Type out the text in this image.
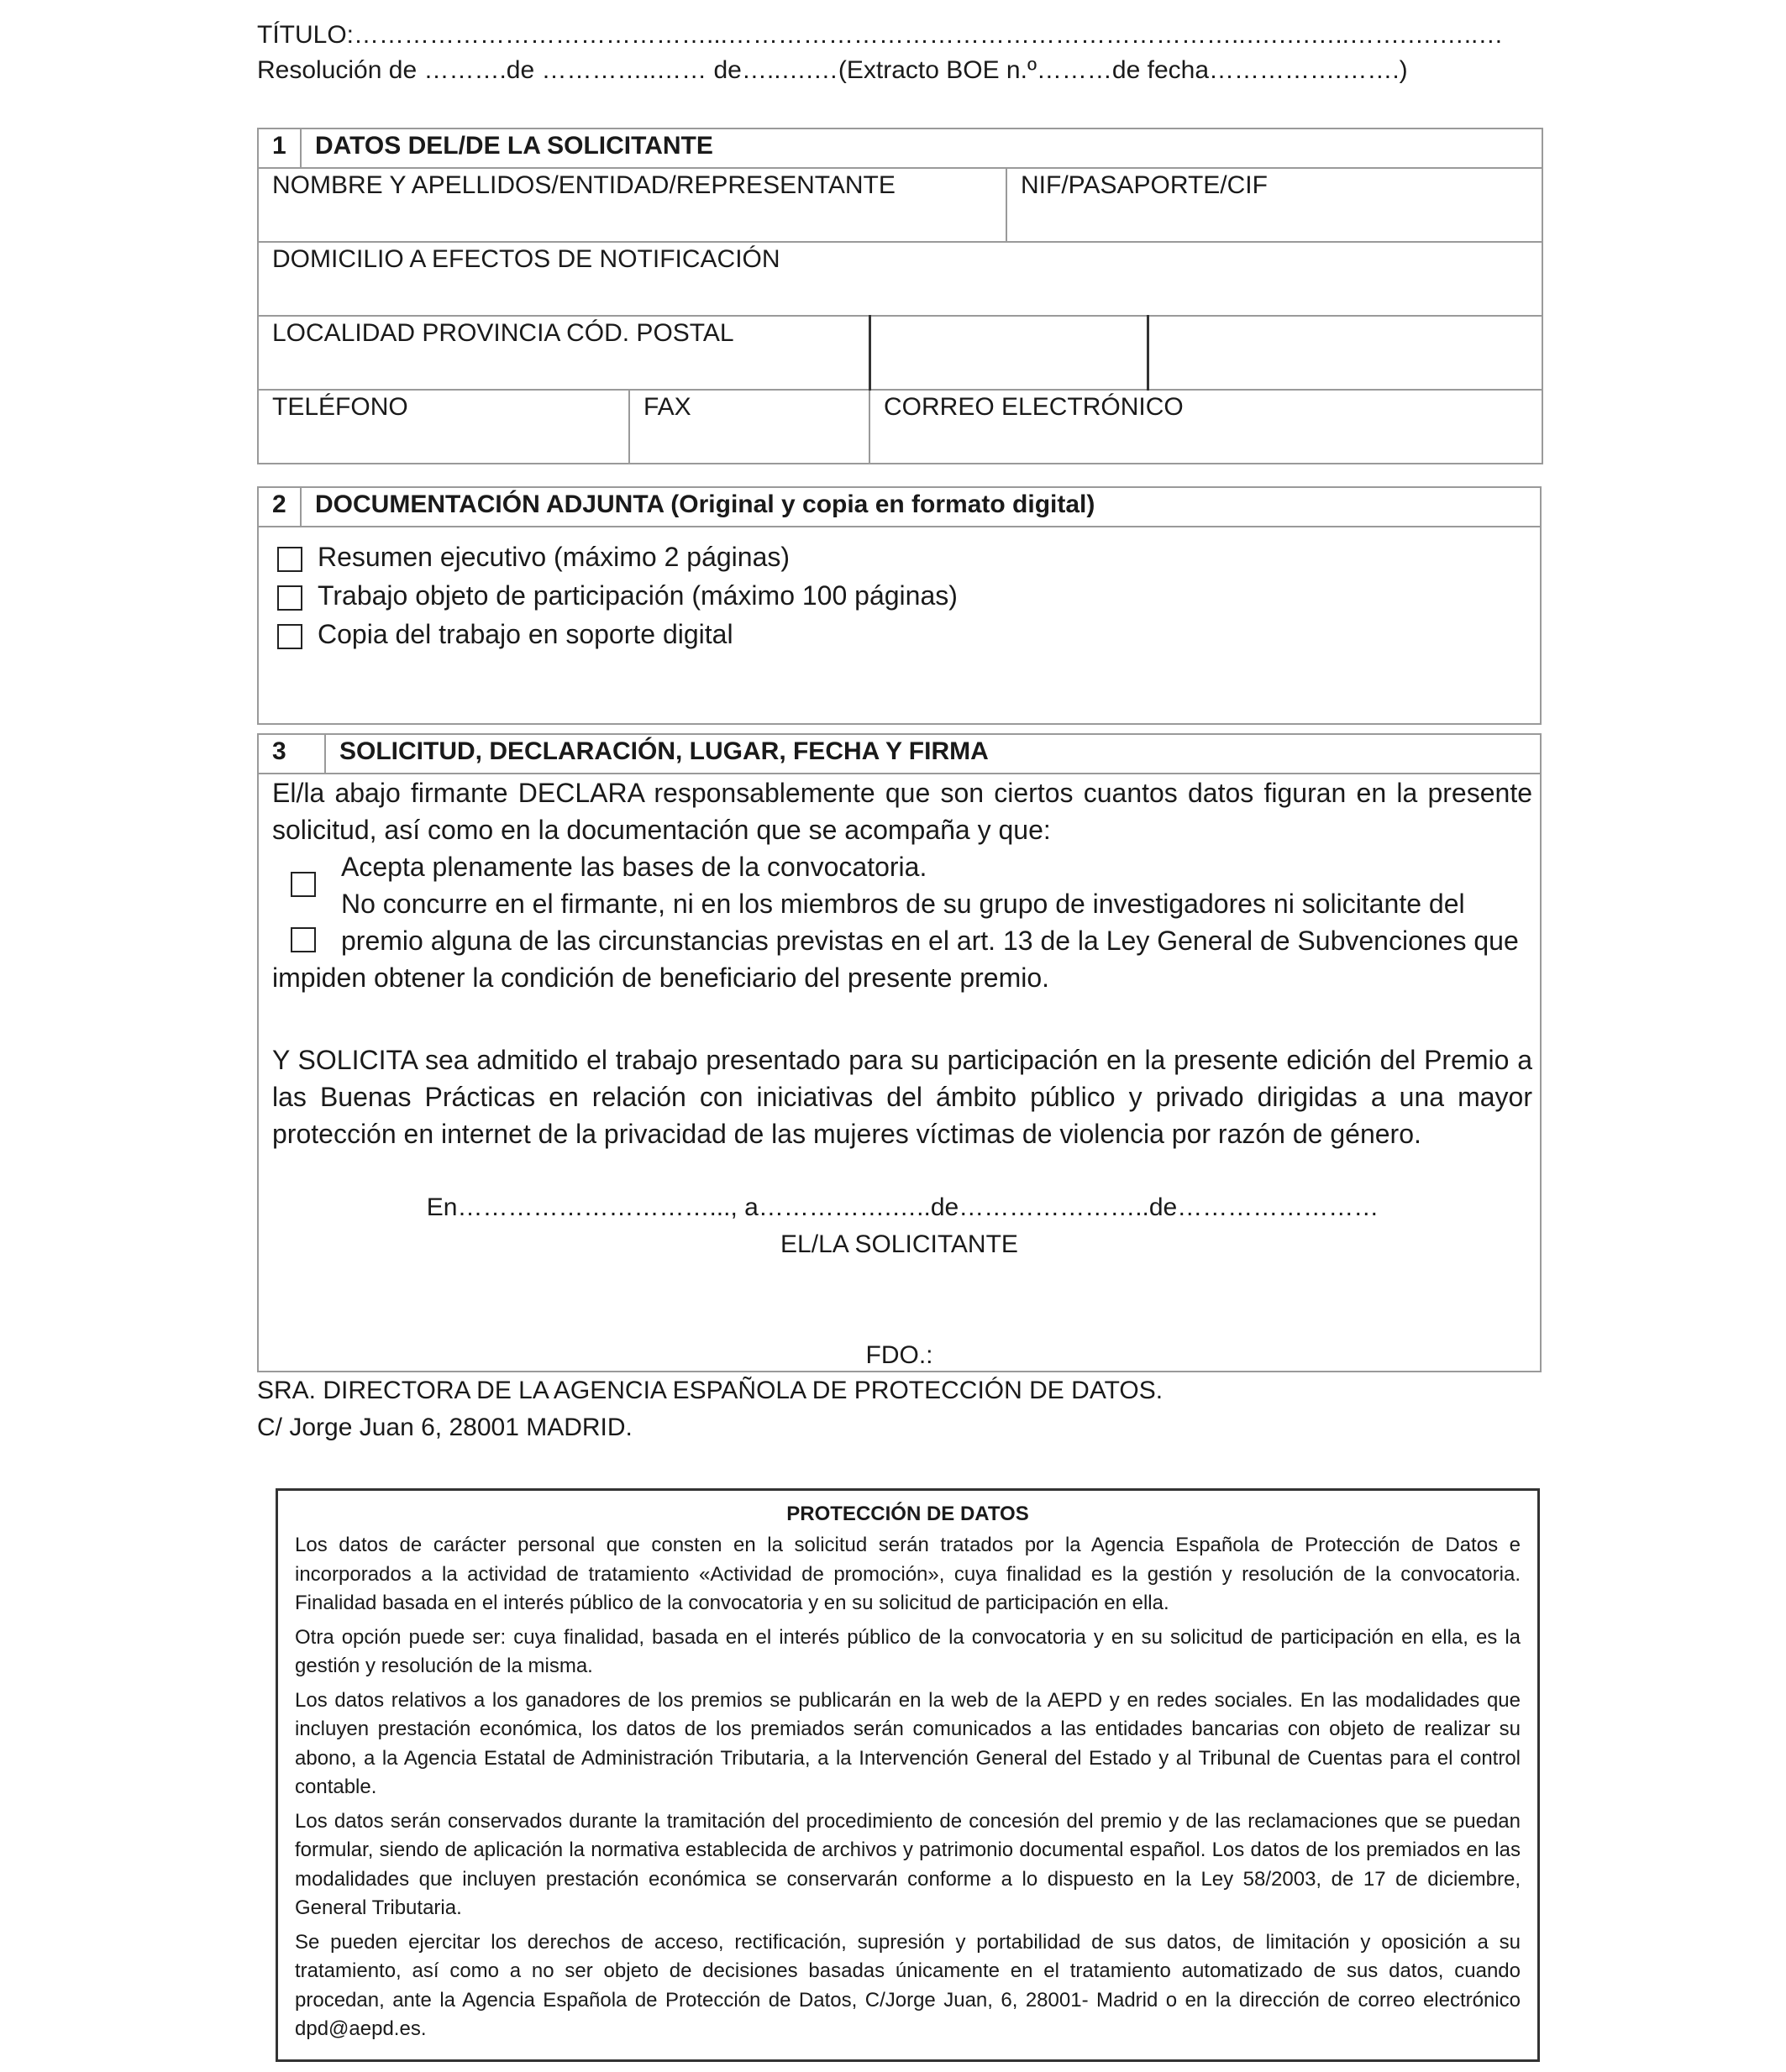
TÍTULO:……………………………………...……………………………………………………..….….…..…….….…..…
Resolución de ……….de …………..…… de…..….…(Extracto BOE n.º………de fecha…………….…….)
1	DATOS DEL/DE LA SOLICITANTE				
NOMBRE Y APELLIDOS/ENTIDAD/REPRESENTANTE				NIF/PASAPORTE/CIF	
DOMICILIO A EFECTOS DE NOTIFICACIÓN					
LOCALIDAD PROVINCIA CÓD. POSTAL					
TELÉFONO		FAX	CORREO ELECTRÓNICO		
2	DOCUMENTACIÓN ADJUNTA (Original y copia en formato digital)

Resumen ejecutivo (máximo 2 páginas)
Trabajo objeto de participación (máximo 100 páginas)
Copia del trabajo en soporte digital
3	SOLICITUD, DECLARACIÓN, LUGAR, FECHA Y FIRMA

El/la abajo firmante DECLARA responsablemente que son ciertos cuantos datos figuran en la presente solicitud, así como en la documentación que se acompaña y que:
Acepta plenamente las bases de la convocatoria.
No concurre en el firmante, ni en los miembros de su grupo de investigadores ni solicitante del
premio alguna de las circunstancias previstas en el art. 13 de la Ley General de Subvenciones que
impiden obtener la condición de beneficiario del presente premio.
Y SOLICITA sea admitido el trabajo presentado para su participación en la presente edición del Premio a las Buenas Prácticas en relación con iniciativas del ámbito público y privado dirigidas a una mayor protección en internet de la privacidad de las mujeres víctimas de violencia por razón de género.
En…………………………..., a…………….…..de…………………..de……………………
EL/LA SOLICITANTE
FDO.:
SRA. DIRECTORA DE LA AGENCIA ESPAÑOLA DE PROTECCIÓN DE DATOS.
C/ Jorge Juan 6, 28001 MADRID.
PROTECCIÓN DE DATOS

Los datos de carácter personal que consten en la solicitud serán tratados por la Agencia Española de Protección de Datos e incorporados a la actividad de tratamiento «Actividad de promoción», cuya finalidad es la gestión y resolución de la convocatoria. Finalidad basada en el interés público de la convocatoria y en su solicitud de participación en ella.

Otra opción puede ser: cuya finalidad, basada en el interés público de la convocatoria y en su solicitud de participación en ella, es la gestión y resolución de la misma.

Los datos relativos a los ganadores de los premios se publicarán en la web de la AEPD y en redes sociales. En las modalidades que incluyen prestación económica, los datos de los premiados serán comunicados a las entidades bancarias con objeto de realizar su abono, a la Agencia Estatal de Administración Tributaria, a la Intervención General del Estado y al Tribunal de Cuentas para el control contable.

Los datos serán conservados durante la tramitación del procedimiento de concesión del premio y de las reclamaciones que se puedan formular, siendo de aplicación la normativa establecida de archivos y patrimonio documental español. Los datos de los premiados en las modalidades que incluyen prestación económica se conservarán conforme a lo dispuesto en la Ley 58/2003, de 17 de diciembre, General Tributaria.

Se pueden ejercitar los derechos de acceso, rectificación, supresión y portabilidad de sus datos, de limitación y oposición a su tratamiento, así como a no ser objeto de decisiones basadas únicamente en el tratamiento automatizado de sus datos, cuando procedan, ante la Agencia Española de Protección de Datos, C/Jorge Juan, 6, 28001- Madrid o en la dirección de correo electrónico dpd@aepd.es.
